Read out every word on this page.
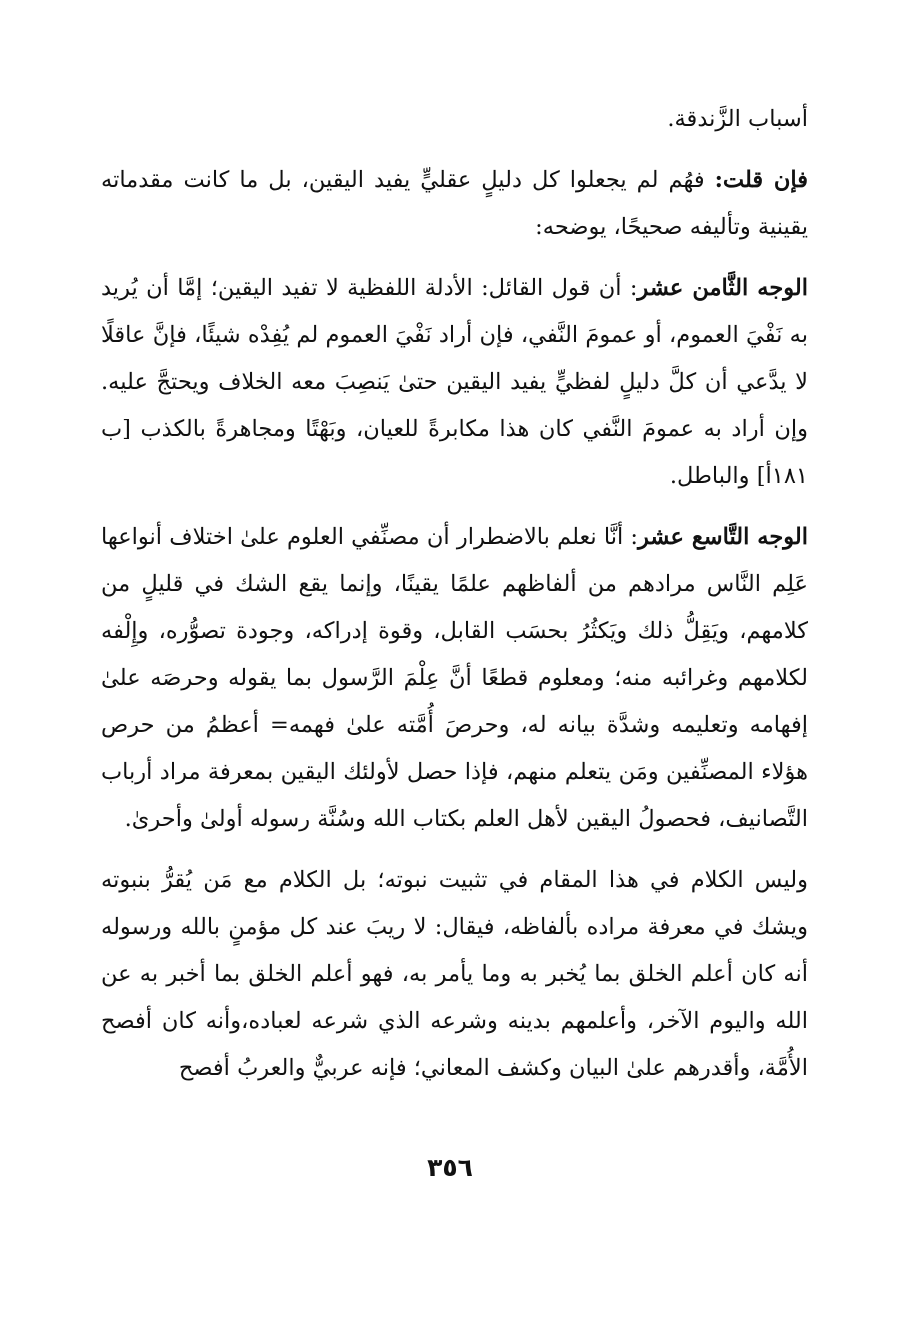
أسباب الزَّندقة.

فإن قلت: فهُم لم يجعلوا كل دليلٍ عقليٍّ يفيد اليقين، بل ما كانت مقدماته يقينية وتأليفه صحيحًا، يوضحه:

الوجه الثَّامن عشر: أن قول القائل: الأدلة اللفظية لا تفيد اليقين؛ إمَّا أن يُريد به نَفْيَ العموم، أو عمومَ النَّفي، فإن أراد نَفْيَ العموم لم يُفِدْه شيئًا، فإنَّ عاقلًا لا يدَّعي أن كلَّ دليلٍ لفظيٍّ يفيد اليقين حتىٰ يَنصِبَ معه الخلاف ويحتجَّ عليه. وإن أراد به عمومَ النَّفي كان هذا مكابرةً للعيان، وبَهْتًا ومجاهرةً بالكذب [ب ١٨١أ] والباطل.

الوجه التَّاسع عشر: أنَّا نعلم بالاضطرار أن مصنِّفي العلوم علىٰ اختلاف أنواعها عَلِم النَّاس مرادهم من ألفاظهم علمًا يقينًا، وإنما يقع الشك في قليلٍ من كلامهم، ويَقِلُّ ذلك ويَكثُرُ بحسَب القابل، وقوة إدراكه، وجودة تصوُّره، وإِلْفه لكلامهم وغرائبه منه؛ ومعلوم قطعًا أنَّ عِلْمَ الرَّسول بما يقوله وحرصَه علىٰ إفهامه وتعليمه وشدَّة بيانه له، وحرصَ أُمَّته علىٰ فهمه= أعظمُ من حرص هؤلاء المصنِّفين ومَن يتعلم منهم، فإذا حصل لأولئك اليقين بمعرفة مراد أرباب التَّصانيف، فحصولُ اليقين لأهل العلم بكتاب الله وسُنَّة رسوله أولىٰ وأحرىٰ.

وليس الكلام في هذا المقام في تثبيت نبوته؛ بل الكلام مع مَن يُقرُّ بنبوته ويشك في معرفة مراده بألفاظه، فيقال: لا ريبَ عند كل مؤمنٍ بالله ورسوله أنه كان أعلم الخلق بما يُخبر به وما يأمر به، فهو أعلم الخلق بما أخبر به عن الله واليوم الآخر، وأعلمهم بدينه وشرعه الذي شرعه لعباده،وأنه كان أفصح الأُمَّة، وأقدرهم علىٰ البيان وكشف المعاني؛ فإنه عربيٌّ والعربُ أفصح

٣٥٦
